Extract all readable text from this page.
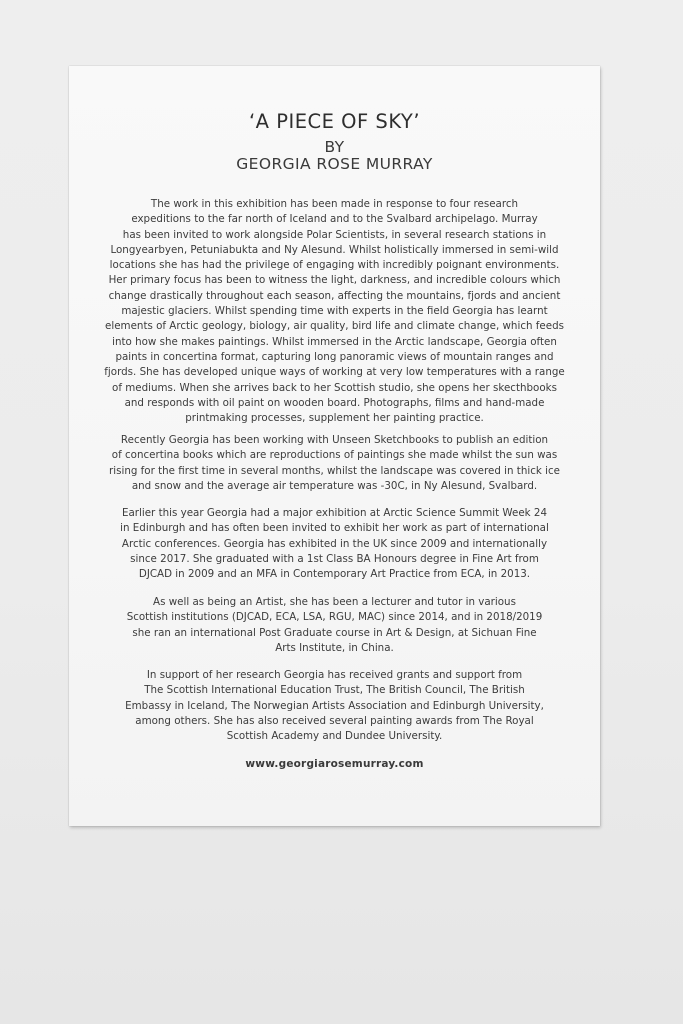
‘A PIECE OF SKY’
BY
GEORGIA ROSE MURRAY

The work in this exhibition has been made in response to four research
expeditions to the far north of Iceland and to the Svalbard archipelago. Murray
has been invited to work alongside Polar Scientists, in several research stations in
Longyearbyen, Petuniabukta and Ny Alesund. Whilst holistically immersed in semi-wild
locations she has had the privilege of engaging with incredibly poignant environments.
Her primary focus has been to witness the light, darkness, and incredible colours which
change drastically throughout each season, affecting the mountains, fjords and ancient
majestic glaciers. Whilst spending time with experts in the field Georgia has learnt
elements of Arctic geology, biology, air quality, bird life and climate change, which feeds
into how she makes paintings. Whilst immersed in the Arctic landscape, Georgia often
paints in concertina format, capturing long panoramic views of mountain ranges and
fjords. She has developed unique ways of working at very low temperatures with a range
of mediums. When she arrives back to her Scottish studio, she opens her skecthbooks
and responds with oil paint on wooden board. Photographs, films and hand-made
printmaking processes, supplement her painting practice.

Recently Georgia has been working with Unseen Sketchbooks to publish an edition
of concertina books which are reproductions of paintings she made whilst the sun was
rising for the first time in several months, whilst the landscape was covered in thick ice
and snow and the average air temperature was -30C, in Ny Alesund, Svalbard.

Earlier this year Georgia had a major exhibition at Arctic Science Summit Week 24
in Edinburgh and has often been invited to exhibit her work as part of international
Arctic conferences. Georgia has exhibited in the UK since 2009 and internationally
since 2017. She graduated with a 1st Class BA Honours degree in Fine Art from
DJCAD in 2009 and an MFA in Contemporary Art Practice from ECA, in 2013.

As well as being an Artist, she has been a lecturer and tutor in various
Scottish institutions (DJCAD, ECA, LSA, RGU, MAC) since 2014, and in 2018/2019
she ran an international Post Graduate course in Art & Design, at Sichuan Fine
Arts Institute, in China.

In support of her research Georgia has received grants and support from
The Scottish International Education Trust, The British Council, The British
Embassy in Iceland, The Norwegian Artists Association and Edinburgh University,
among others. She has also received several painting awards from The Royal
Scottish Academy and Dundee University.

www.georgiarosemurray.com
